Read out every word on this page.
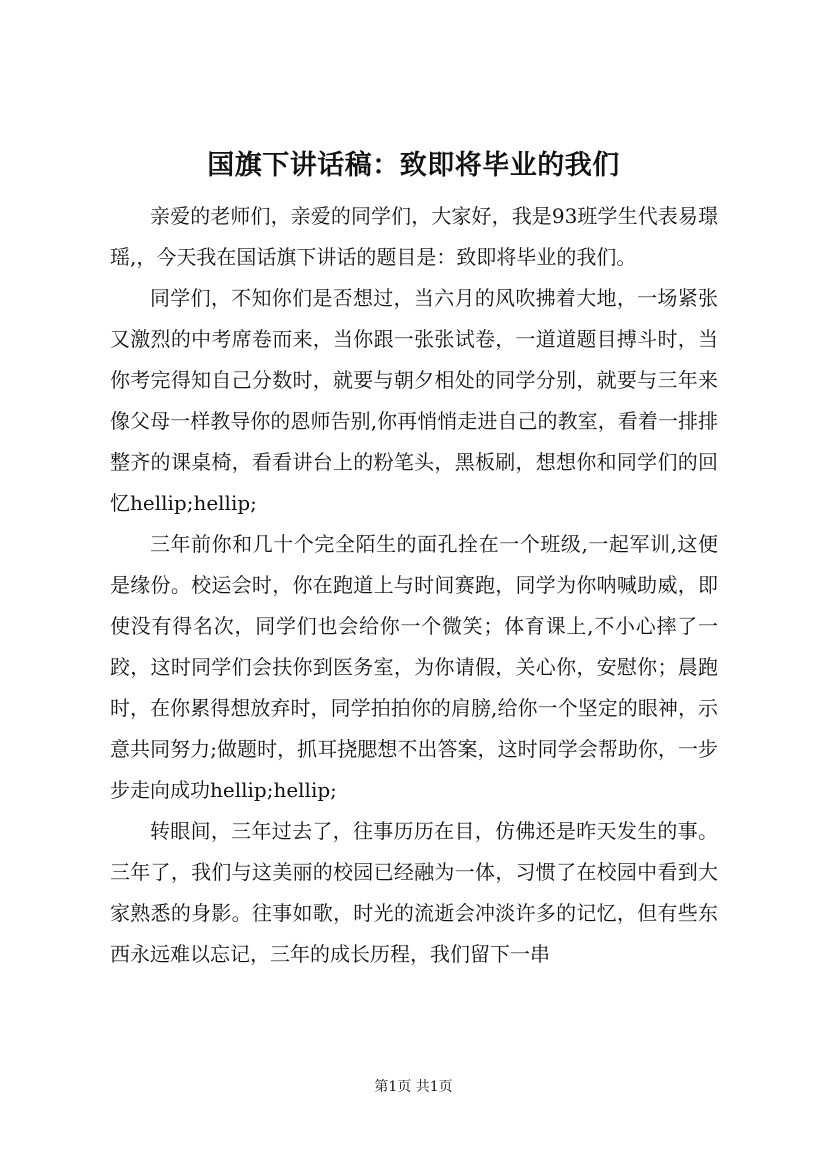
国旗下讲话稿：致即将毕业的我们

亲爱的老师们，亲爱的同学们，大家好，我是93班学生代表易璟瑶,，今天我在国话旗下讲话的题目是：致即将毕业的我们。

同学们，不知你们是否想过，当六月的风吹拂着大地，一场紧张又激烈的中考席卷而来，当你跟一张张试卷，一道道题目搏斗时，当你考完得知自己分数时，就要与朝夕相处的同学分别，就要与三年来像父母一样教导你的恩师告别,你再悄悄走进自己的教室，看着一排排整齐的课桌椅，看看讲台上的粉笔头，黑板刷，想想你和同学们的回忆hellip;hellip;

三年前你和几十个完全陌生的面孔拴在一个班级,一起军训,这便是缘份。校运会时，你在跑道上与时间赛跑，同学为你呐喊助威，即使没有得名次，同学们也会给你一个微笑；体育课上,不小心摔了一跤，这时同学们会扶你到医务室，为你请假，关心你，安慰你；晨跑时，在你累得想放弃时，同学拍拍你的肩膀,给你一个坚定的眼神，示意共同努力;做题时，抓耳挠腮想不出答案，这时同学会帮助你，一步步走向成功hellip;hellip;

转眼间，三年过去了，往事历历在目，仿佛还是昨天发生的事。三年了，我们与这美丽的校园已经融为一体，习惯了在校园中看到大家熟悉的身影。往事如歌，时光的流逝会冲淡许多的记忆，但有些东西永远难以忘记，三年的成长历程，我们留下一串

第1页 共1页
